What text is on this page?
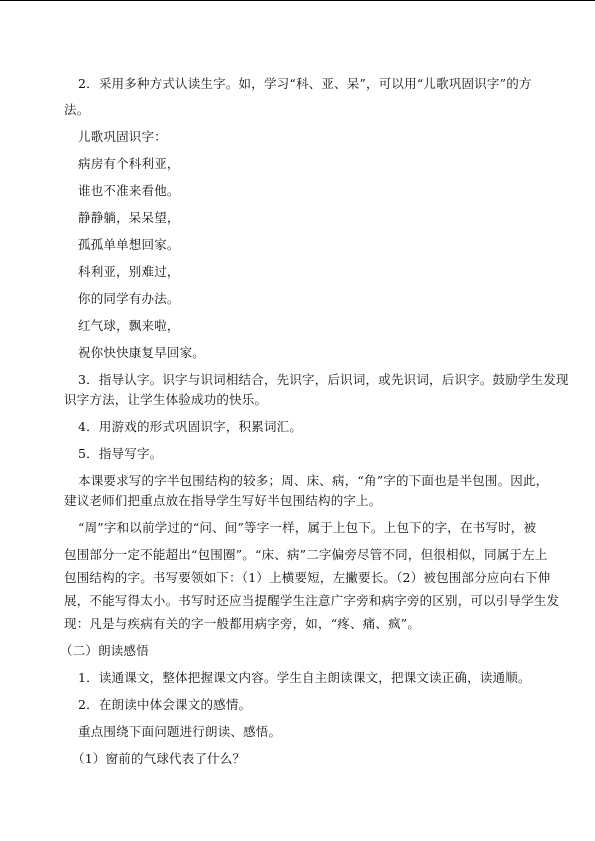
2．采用多种方式认读生字。如，学习“科、亚、呆”，可以用“儿歌巩固识字”的方
法。
儿歌巩固识字：
病房有个科利亚，
谁也不准来看他。
静静躺，呆呆望，
孤孤单单想回家。
科利亚，别难过，
你的同学有办法。
红气球，飘来啦，
祝你快快康复早回家。
3．指导认字。识字与识词相结合，先识字，后识词，或先识词，后识字。鼓励学生发现
识字方法，让学生体验成功的快乐。
4．用游戏的形式巩固识字，积累词汇。
5．指导写字。
本课要求写的字半包围结构的较多；周、床、病，“角”字的下面也是半包围。因此，
建议老师们把重点放在指导学生写好半包围结构的字上。
“周”字和以前学过的“问、间”等字一样，属于上包下。上包下的字，在书写时，被
包围部分一定不能超出“包围圈”。“床、病”二字偏旁尽管不同，但很相似，同属于左上
包围结构的字。书写要领如下：（1）上横要短，左撇要长。（2）被包围部分应向右下伸
展，不能写得太小。书写时还应当提醒学生注意广字旁和病字旁的区别，可以引导学生发
现：凡是与疾病有关的字一般都用病字旁，如，“疼、痛、疯”。
（二）朗读感悟
1．读通课文，整体把握课文内容。学生自主朗读课文，把课文读正确，读通顺。
2．在朗读中体会课文的感情。
重点围绕下面问题进行朗读、感悟。
（1）窗前的气球代表了什么？
